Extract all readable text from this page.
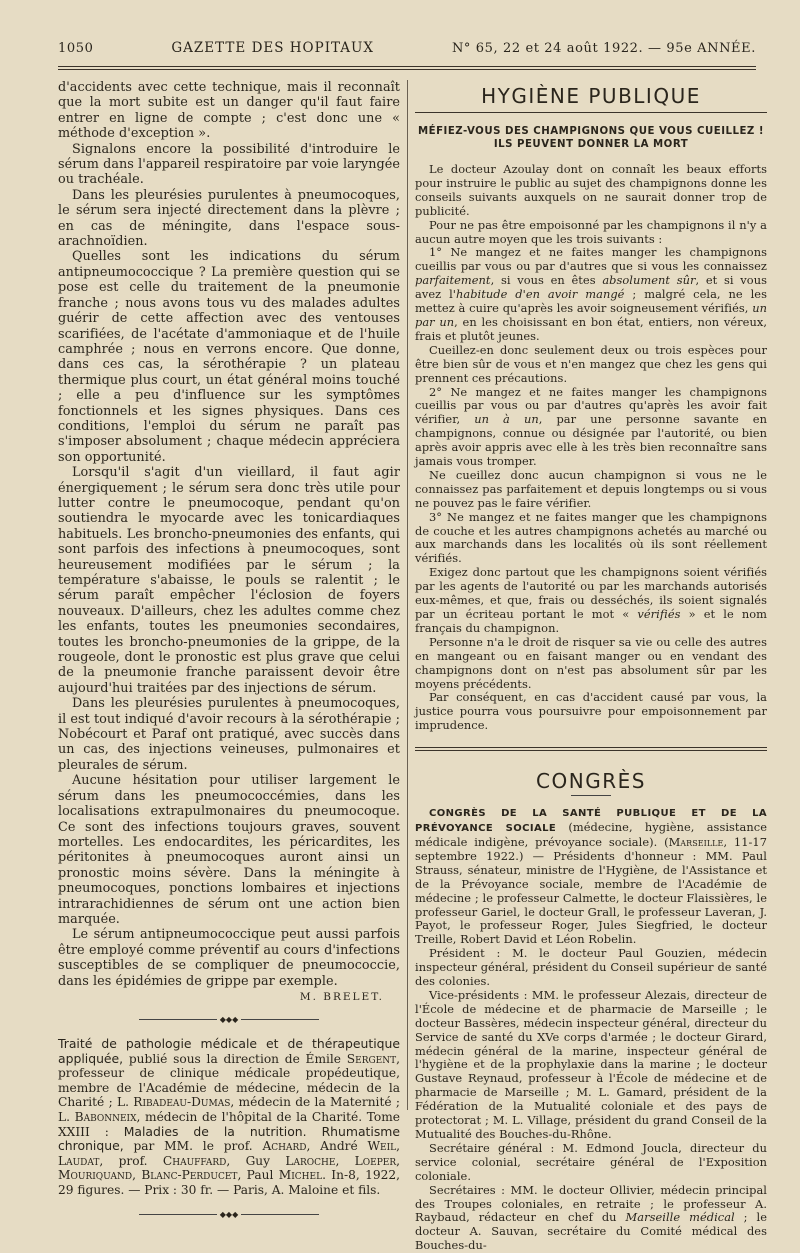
1050	GAZETTE DES HOPITAUX	N° 65, 22 et 24 août 1922. — 95e ANNÉE.

d'accidents avec cette technique, mais il reconnaît que la mort subite est un danger qu'il faut faire entrer en ligne de compte ; c'est donc une « méthode d'exception ».

Signalons encore la possibilité d'introduire le sérum dans l'appareil respiratoire par voie laryngée ou trachéale.

Dans les pleurésies purulentes à pneumocoques, le sérum sera injecté directement dans la plèvre ; en cas de méningite, dans l'espace sous-arachnoïdien.

Quelles sont les indications du sérum antipneumococcique ? La première question qui se pose est celle du traitement de la pneumonie franche ; nous avons tous vu des malades adultes guérir de cette affection avec des ventouses scarifiées, de l'acétate d'ammoniaque et de l'huile camphrée ; nous en verrons encore. Que donne, dans ces cas, la sérothérapie ? un plateau thermique plus court, un état général moins touché ; elle a peu d'influence sur les symptômes fonctionnels et les signes physiques. Dans ces conditions, l'emploi du sérum ne paraît pas s'imposer absolument ; chaque médecin appréciera son opportunité.

Lorsqu'il s'agit d'un vieillard, il faut agir énergiquement ; le sérum sera donc très utile pour lutter contre le pneumocoque, pendant qu'on soutiendra le myocarde avec les tonicardiaques habituels. Les broncho-pneumonies des enfants, qui sont parfois des infections à pneumocoques, sont heureusement modifiées par le sérum ; la température s'abaisse, le pouls se ralentit ; le sérum paraît empêcher l'éclosion de foyers nouveaux. D'ailleurs, chez les adultes comme chez les enfants, toutes les pneumonies secondaires, toutes les broncho-pneumonies de la grippe, de la rougeole, dont le pronostic est plus grave que celui de la pneumonie franche paraissent devoir être aujourd'hui traitées par des injections de sérum.

Dans les pleurésies purulentes à pneumocoques, il est tout indiqué d'avoir recours à la sérothérapie ; Nobécourt et Paraf ont pratiqué, avec succès dans un cas, des injections veineuses, pulmonaires et pleurales de sérum.

Aucune hésitation pour utiliser largement le sérum dans les pneumococcémies, dans les localisations extrapulmonaires du pneumocoque. Ce sont des infections toujours graves, souvent mortelles. Les endocardites, les péricardites, les péritonites à pneumocoques auront ainsi un pronostic moins sévère. Dans la méningite à pneumocoques, ponctions lombaires et injections intrarachidiennes de sérum ont une action bien marquée.

Le sérum antipneumococcique peut aussi parfois être employé comme préventif au cours d'infections susceptibles de se compliquer de pneumococcie, dans les épidémies de grippe par exemple.

M. BRELET.

◆◆◆

Traité de pathologie médicale et de thérapeutique appliquée, publié sous la direction de Émile Sergent, professeur de clinique médicale propédeutique, membre de l'Académie de médecine, médecin de la Charité ; L. Ribadeau-Dumas, médecin de la Maternité ; L. Babonneix, médecin de l'hôpital de la Charité. Tome XXIII : Maladies de la nutrition. Rhumatisme chronique, par MM. le prof. Achard, André Weil, Laudat, prof. Chauffard, Guy Laroche, Loeper, Mouriquand, Blanc-Perducet, Paul Michel. In-8, 1922, 29 figures. — Prix : 30 fr. — Paris, A. Maloine et fils.

◆◆◆
HYGIÈNE PUBLIQUE
MÉFIEZ-VOUS DES CHAMPIGNONS QUE VOUS CUEILLEZ !
ILS PEUVENT DONNER LA MORT

Le docteur Azoulay dont on connaît les beaux efforts pour instruire le public au sujet des champignons donne les conseils suivants auxquels on ne saurait donner trop de publicité.

Pour ne pas être empoisonné par les champignons il n'y a aucun autre moyen que les trois suivants :

1° Ne mangez et ne faites manger les champignons cueillis par vous ou par d'autres que si vous les connaissez parfaitement, si vous en êtes absolument sûr, et si vous avez l'habitude d'en avoir mangé ; malgré cela, ne les mettez à cuire qu'après les avoir soigneusement vérifiés, un par un, en les choisissant en bon état, entiers, non véreux, frais et plutôt jeunes.

Cueillez-en donc seulement deux ou trois espèces pour être bien sûr de vous et n'en mangez que chez les gens qui prennent ces précautions.

2° Ne mangez et ne faites manger les champignons cueillis par vous ou par d'autres qu'après les avoir fait vérifier, un à un, par une personne savante en champignons, connue ou désignée par l'autorité, ou bien après avoir appris avec elle à les très bien reconnaître sans jamais vous tromper.

Ne cueillez donc aucun champignon si vous ne le connaissez pas parfaitement et depuis longtemps ou si vous ne pouvez pas le faire vérifier.

3° Ne mangez et ne faites manger que les champignons de couche et les autres champignons achetés au marché ou aux marchands dans les localités où ils sont réellement vérifiés.

Exigez donc partout que les champignons soient vérifiés par les agents de l'autorité ou par les marchands autorisés eux-mêmes, et que, frais ou desséchés, ils soient signalés par un écriteau portant le mot « vérifiés » et le nom français du champignon.

Personne n'a le droit de risquer sa vie ou celle des autres en mangeant ou en faisant manger ou en vendant des champignons dont on n'est pas absolument sûr par les moyens précédents.

Par conséquent, en cas d'accident causé par vous, la justice pourra vous poursuivre pour empoisonnement par imprudence.

CONGRÈS

CONGRÈS DE LA SANTÉ PUBLIQUE ET DE LA PRÉVOYANCE SOCIALE (médecine, hygiène, assistance médicale indigène, prévoyance sociale). (Marseille, 11-17 septembre 1922.) — Présidents d'honneur : MM. Paul Strauss, sénateur, ministre de l'Hygiène, de l'Assistance et de la Prévoyance sociale, membre de l'Académie de médecine ; le professeur Calmette, le docteur Flaissières, le professeur Gariel, le docteur Grall, le professeur Laveran, J. Payot, le professeur Roger, Jules Siegfried, le docteur Treille, Robert David et Léon Robelin.

Président : M. le docteur Paul Gouzien, médecin inspecteur général, président du Conseil supérieur de santé des colonies.

Vice-présidents : MM. le professeur Alezais, directeur de l'École de médecine et de pharmacie de Marseille ; le docteur Bassères, médecin inspecteur général, directeur du Service de santé du XVe corps d'armée ; le docteur Girard, médecin général de la marine, inspecteur général de l'hygiène et de la prophylaxie dans la marine ; le docteur Gustave Reynaud, professeur à l'École de médecine et de pharmacie de Marseille ; M. L. Gamard, président de la Fédération de la Mutualité coloniale et des pays de protectorat ; M. L. Village, président du grand Conseil de la Mutualité des Bouches-du-Rhône.

Secrétaire général : M. Edmond Joucla, directeur du service colonial, secrétaire général de l'Exposition coloniale.

Secrétaires : MM. le docteur Ollivier, médecin principal des Troupes coloniales, en retraite ; le professeur A. Raybaud, rédacteur en chef du Marseille médical ; le docteur A. Sauvan, secrétaire du Comité médical des Bouches-du-
